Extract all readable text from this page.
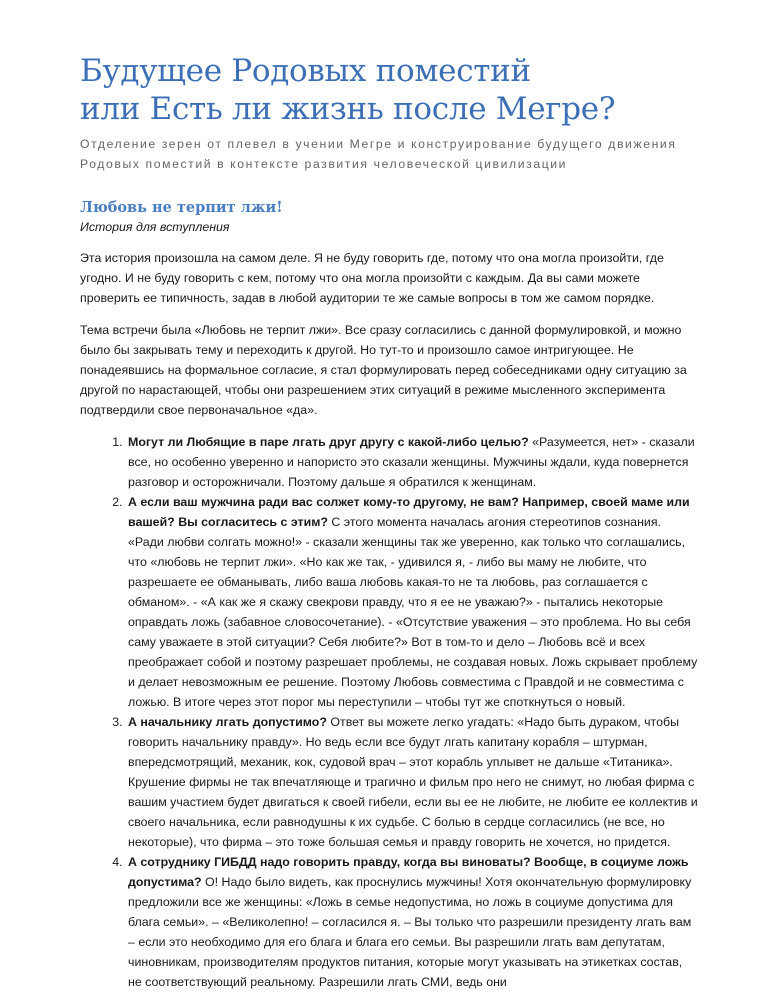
Будущее Родовых поместий
или Есть ли жизнь после Мегре?
Отделение зерен от плевел в учении Мегре и конструирование будущего движения
Родовых поместий в контексте развития человеческой цивилизации
Любовь не терпит лжи!
История для вступления

Эта история произошла на самом деле. Я не буду говорить где, потому что она могла произойти, где угодно. И не буду говорить с кем, потому что она могла произойти с каждым. Да вы сами можете проверить ее типичность, задав в любой аудитории те же самые вопросы в том же самом порядке.

Тема встречи была «Любовь не терпит лжи». Все сразу согласились с данной формулировкой, и можно было бы закрывать тему и переходить к другой. Но тут-то и произошло самое интригующее. Не понадеявшись на формальное согласие, я стал формулировать перед собеседниками одну ситуацию за другой по нарастающей, чтобы они разрешением этих ситуаций в режиме мысленного эксперимента подтвердили свое первоначальное «да».

1. Могут ли Любящие в паре лгать друг другу с какой-либо целью? «Разумеется, нет» - сказали все, но особенно уверенно и напористо это сказали женщины. Мужчины ждали, куда повернется разговор и осторожничали. Поэтому дальше я обратился к женщинам.
2. А если ваш мужчина ради вас солжет кому-то другому, не вам? Например, своей маме или вашей? Вы согласитесь с этим? С этого момента началась агония стереотипов сознания. «Ради любви солгать можно!» - сказали женщины так же уверенно, как только что соглашались, что «любовь не терпит лжи». «Но как же так, - удивился я, - либо вы маму не любите, что разрешаете ее обманывать, либо ваша любовь какая-то не та любовь, раз соглашается с обманом». - «А как же я скажу свекрови правду, что я ее не уважаю?» - пытались некоторые оправдать ложь (забавное словосочетание). - «Отсутствие уважения – это проблема. Но вы себя саму уважаете в этой ситуации? Себя любите?» Вот в том-то и дело – Любовь всё и всех преображает собой и поэтому разрешает проблемы, не создавая новых. Ложь скрывает проблему и делает невозможным ее решение. Поэтому Любовь совместима с Правдой и не совместима с ложью. В итоге через этот порог мы переступили – чтобы тут же споткнуться о новый.
3. А начальнику лгать допустимо? Ответ вы можете легко угадать: «Надо быть дураком, чтобы говорить начальнику правду». Но ведь если все будут лгать капитану корабля – штурман, впередсмотрящий, механик, кок, судовой врач – этот корабль уплывет не дальше «Титаника». Крушение фирмы не так впечатляюще и трагично и фильм про него не снимут, но любая фирма с вашим участием будет двигаться к своей гибели, если вы ее не любите, не любите ее коллектив и своего начальника, если равнодушны к их судьбе. С болью в сердце согласились (не все, но некоторые), что фирма – это тоже большая семья и правду говорить не хочется, но придется.
4. А сотруднику ГИБДД надо говорить правду, когда вы виноваты? Вообще, в социуме ложь допустима? О! Надо было видеть, как проснулись мужчины! Хотя окончательную формулировку предложили все же женщины: «Ложь в семье недопустима, но ложь в социуме допустима для блага семьи». – «Великолепно! – согласился я. – Вы только что разрешили президенту лгать вам – если это необходимо для его блага и блага его семьи. Вы разрешили лгать вам депутатам, чиновникам, производителям продуктов питания, которые могут указывать на этикетках состав, не соответствующий реальному. Разрешили лгать СМИ, ведь они
